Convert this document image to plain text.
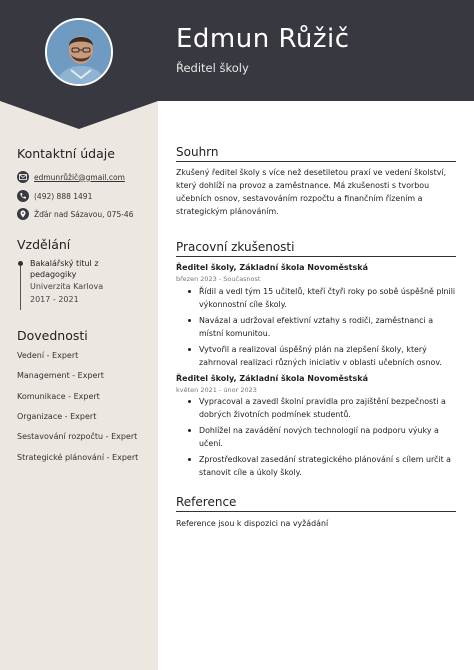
Edmun Růžič
Ředitel školy
Kontaktní údaje
edmunrůžič@gmail.com
(492) 888 1491
Žďár nad Sázavou, 075-46
Vzdělání
Bakalářský titul z
pedagogiky
Univerzita Karlova
2017 - 2021
Dovednosti
Vedení - Expert
Management - Expert
Komunikace - Expert
Organizace - Expert
Sestavování rozpočtu - Expert
Strategické plánování - Expert
Souhrn
Zkušený ředitel školy s více než desetiletou praxí ve vedení školství,
který dohlíží na provoz a zaměstnance. Má zkušenosti s tvorbou
učebních osnov, sestavováním rozpočtu a finančním řízením a
strategickým plánováním.
Pracovní zkušenosti
Ředitel školy, Základní škola Novoměstská
březen 2023 - Současnost
Řídil a vedl tým 15 učitelů, kteří čtyři roky po sobě úspěšně plnili výkonnostní cíle školy.
Navázal a udržoval efektivní vztahy s rodiči, zaměstnanci a místní komunitou.
Vytvořil a realizoval úspěšný plán na zlepšení školy, který zahrnoval realizaci různých iniciativ v oblasti učebních osnov.
Ředitel školy, Základní škola Novoměstská
květen 2021 - únor 2023
Vypracoval a zavedl školní pravidla pro zajištění bezpečnosti a dobrých životních podmínek studentů.
Dohlížel na zavádění nových technologií na podporu výuky a učení.
Zprostředkoval zasedání strategického plánování s cílem určit a stanovit cíle a úkoly školy.
Reference
Reference jsou k dispozici na vyžádání
